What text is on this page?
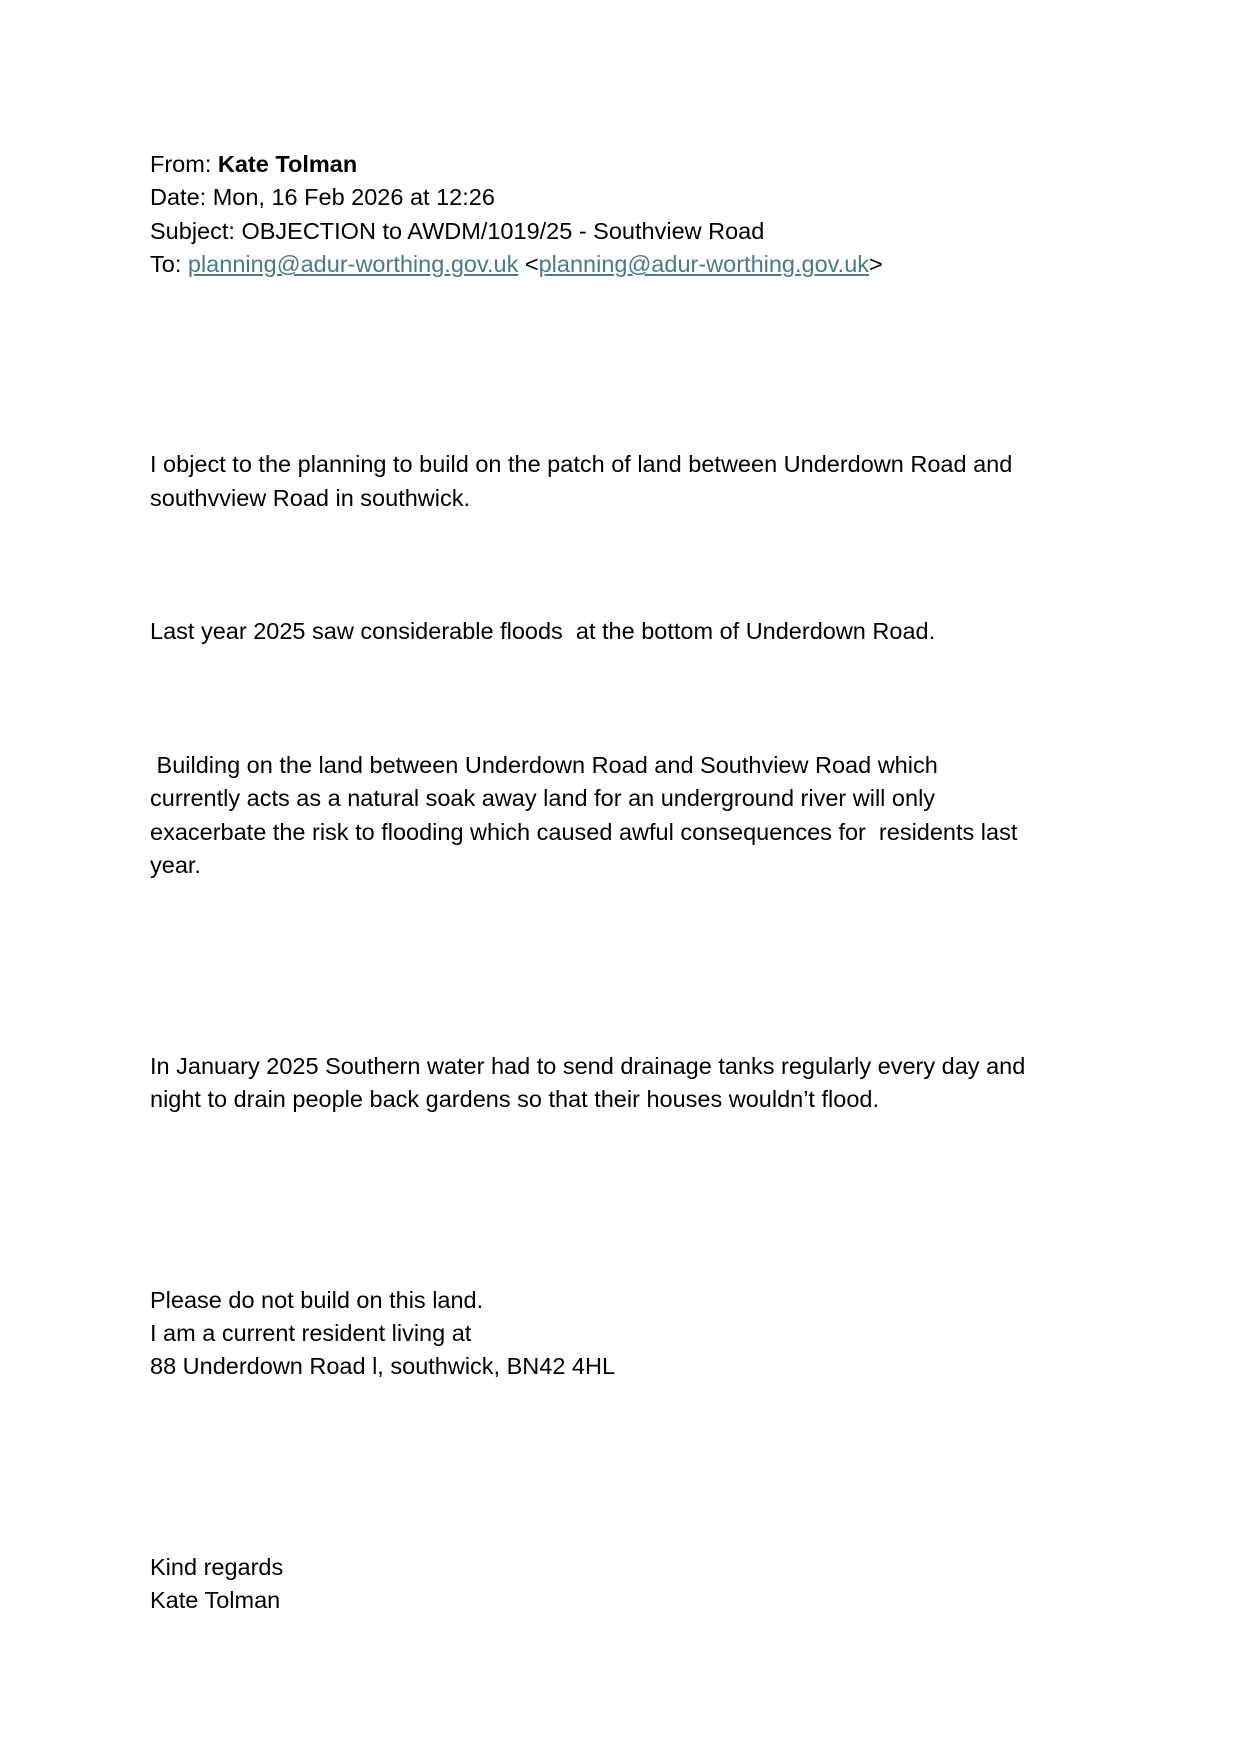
From: Kate Tolman

Date: Mon, 16 Feb 2026 at 12:26

Subject: OBJECTION to AWDM/1019/25 - Southview Road

To: planning@adur-worthing.gov.uk <planning@adur-worthing.gov.uk>

I object to the planning to build on the patch of land between Underdown Road and
southvview Road in southwick.

Last year 2025 saw considerable floods  at the bottom of Underdown Road.

Building on the land between Underdown Road and Southview Road which
currently acts as a natural soak away land for an underground river will only
exacerbate the risk to flooding which caused awful consequences for  residents last
year.

In January 2025 Southern water had to send drainage tanks regularly every day and
night to drain people back gardens so that their houses wouldn’t flood.

Please do not build on this land.
I am a current resident living at
88 Underdown Road l, southwick, BN42 4HL

Kind regards
Kate Tolman
